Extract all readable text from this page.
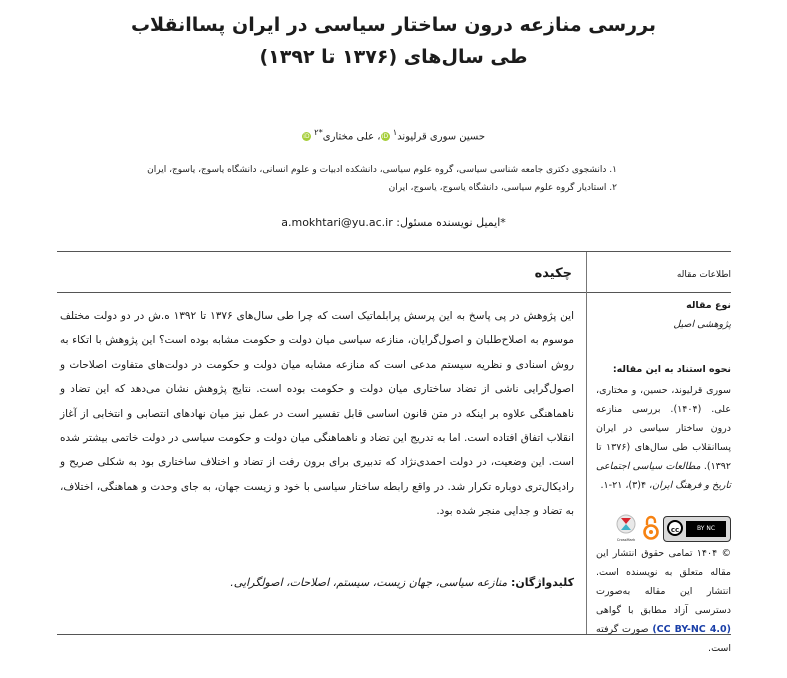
بررسی منازعه درون ساختار سیاسی در ایران پساانقلاب
طی سال‌های (۱۳۷۶ تا ۱۳۹۲)
حسین سوری قرلیوند$^۱$ iD، علی مختاری$^{*۲}$ iD
۱. دانشجوی دکتری جامعه شناسی سیاسی، گروه علوم سیاسی، دانشکده ادبیات و علوم انسانی، دانشگاه یاسوج، یاسوج، ایران
۲. استادیار گروه علوم سیاسی، دانشگاه یاسوج، یاسوج، ایران
*ایمیل نویسنده مسئول: a.mokhtari@yu.ac.ir
اطلاعات مقاله
چکیده
نوع مقاله
پژوهشی اصیل
نحوه استناد به این مقاله:
سوری قرلیوند، حسین، و مختاری، علی. (۱۴۰۴). بررسی منازعه درون ساختار سیاسی در ایران پساانقلاب طی سال‌های (۱۳۷۶ تا ۱۳۹۲). مطالعات سیاسی اجتماعی تاریخ و فرهنگ ایران، ۴(۳)، ۲۱-۱.
cc	BY NC
CrossMark
© ۱۴۰۴ تمامی حقوق انتشار این مقاله متعلق به نویسنده است. انتشار این مقاله به‌صورت دسترسی آزاد مطابق با گواهی (CC BY-NC 4.0) صورت گرفته است.
این پژوهش در پی پاسخ به این پرسش پرابلماتیک است که چرا طی سال‌های ۱۳۷۶ تا ۱۳۹۲ ه.ش در دو دولت مختلف موسوم به اصلاح‌طلبان و اصول‌گرایان، منازعه سیاسی میان دولت و حکومت مشابه بوده است؟ این پژوهش با اتکاء به روش اسنادی و نظریه سیستم مدعی است که منازعه مشابه میان دولت و حکومت در دولت‌های متفاوت اصلاحات و اصول‌گرایی ناشی از تضاد ساختاری میان دولت و حکومت بوده است. نتایج پژوهش نشان می‌دهد که این تضاد و ناهماهنگی علاوه بر اینکه در متن قانون اساسی قابل تفسیر است در عمل نیز میان نهادهای انتصابی و انتخابی از آغاز انقلاب اتفاق افتاده است. اما به تدریج این تضاد و ناهماهنگی میان دولت و حکومت سیاسی در دولت خاتمی بیشتر شده است. این وضعیت، در دولت احمدی‌نژاد که تدبیری برای برون رفت از تضاد و اختلاف ساختاری بود به شکلی صریح و رادیکال‌تری دوباره تکرار شد. در واقع رابطه ساختار سیاسی با خود و زیست جهان، به جای وحدت و هماهنگی، اختلاف، به تضاد و جدایی منجر شده بود.
کلیدواژگان: منازعه سیاسی، جهان زیست، سیستم، اصلاحات، اصولگرایی.
